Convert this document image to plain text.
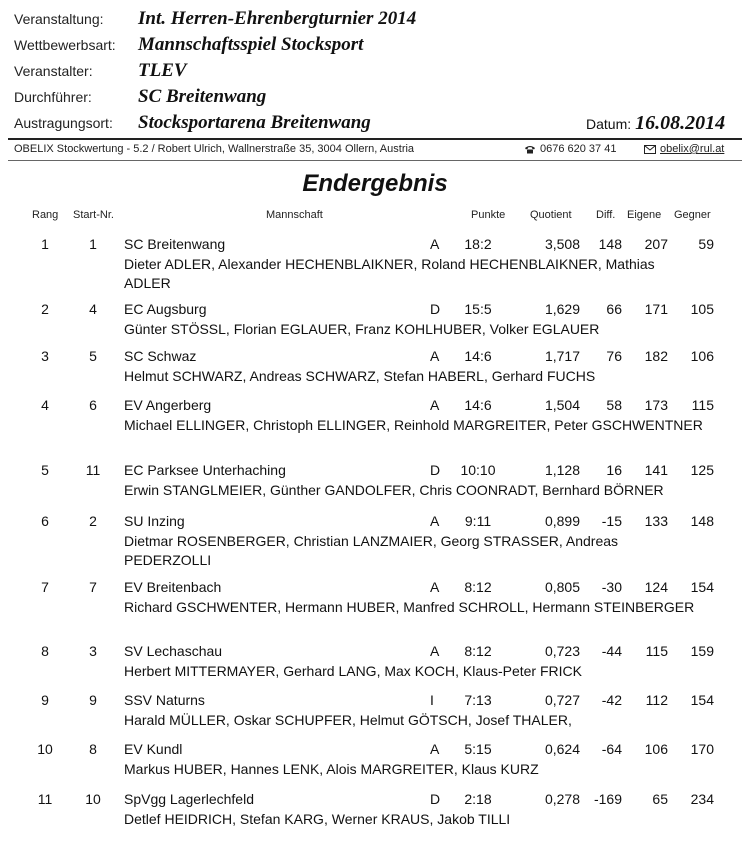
Veranstaltung:	Int. Herren-Ehrenbergturnier 2014
Wettbewerbsart:	Mannschaftsspiel Stocksport
Veranstalter:	TLEV
Durchführer:	SC Breitenwang
Austragungsort:	Stocksportarena Breitenwang	Datum: 16.08.2014
OBELIX Stockwertung - 5.2 / Robert Ulrich, Wallnerstraße 35, 3004 Ollern, Austria	0676 620 37 41	obelix@rul.at
Endergebnis
Rang Start-Nr.	Mannschaft	Punkte Quotient Diff. Eigene Gegner
1	1	SC Breitenwang	A	18:2	3,508	148	207	59
Dieter ADLER, Alexander HECHENBLAIKNER, Roland HECHENBLAIKNER, Mathias ADLER
2	4	EC Augsburg	D	15:5	1,629	66	171	105
Günter STÖSSL, Florian EGLAUER, Franz KOHLHUBER, Volker EGLAUER
3	5	SC Schwaz	A	14:6	1,717	76	182	106
Helmut SCHWARZ, Andreas SCHWARZ, Stefan HABERL, Gerhard FUCHS
4	6	EV Angerberg	A	14:6	1,504	58	173	115
Michael ELLINGER, Christoph ELLINGER, Reinhold MARGREITER, Peter GSCHWENTNER
5	11	EC Parksee Unterhaching	D	10:10	1,128	16	141	125
Erwin STANGLMEIER, Günther GANDOLFER, Chris COONRADT, Bernhard BÖRNER
6	2	SU Inzing	A	9:11	0,899	-15	133	148
Dietmar ROSENBERGER, Christian LANZMAIER, Georg STRASSER, Andreas PEDERZOLLI
7	7	EV Breitenbach	A	8:12	0,805	-30	124	154
Richard GSCHWENTER, Hermann HUBER, Manfred SCHROLL, Hermann STEINBERGER
8	3	SV Lechaschau	A	8:12	0,723	-44	115	159
Herbert MITTERMAYER, Gerhard LANG, Max KOCH, Klaus-Peter FRICK
9	9	SSV Naturns	I	7:13	0,727	-42	112	154
Harald MÜLLER, Oskar SCHUPFER, Helmut GÖTSCH, Josef THALER,
10	8	EV Kundl	A	5:15	0,624	-64	106	170
Markus HUBER, Hannes LENK, Alois MARGREITER, Klaus KURZ
11	10	SpVgg Lagerlechfeld	D	2:18	0,278 -169	65	234
Detlef HEIDRICH, Stefan KARG, Werner KRAUS, Jakob TILLI
